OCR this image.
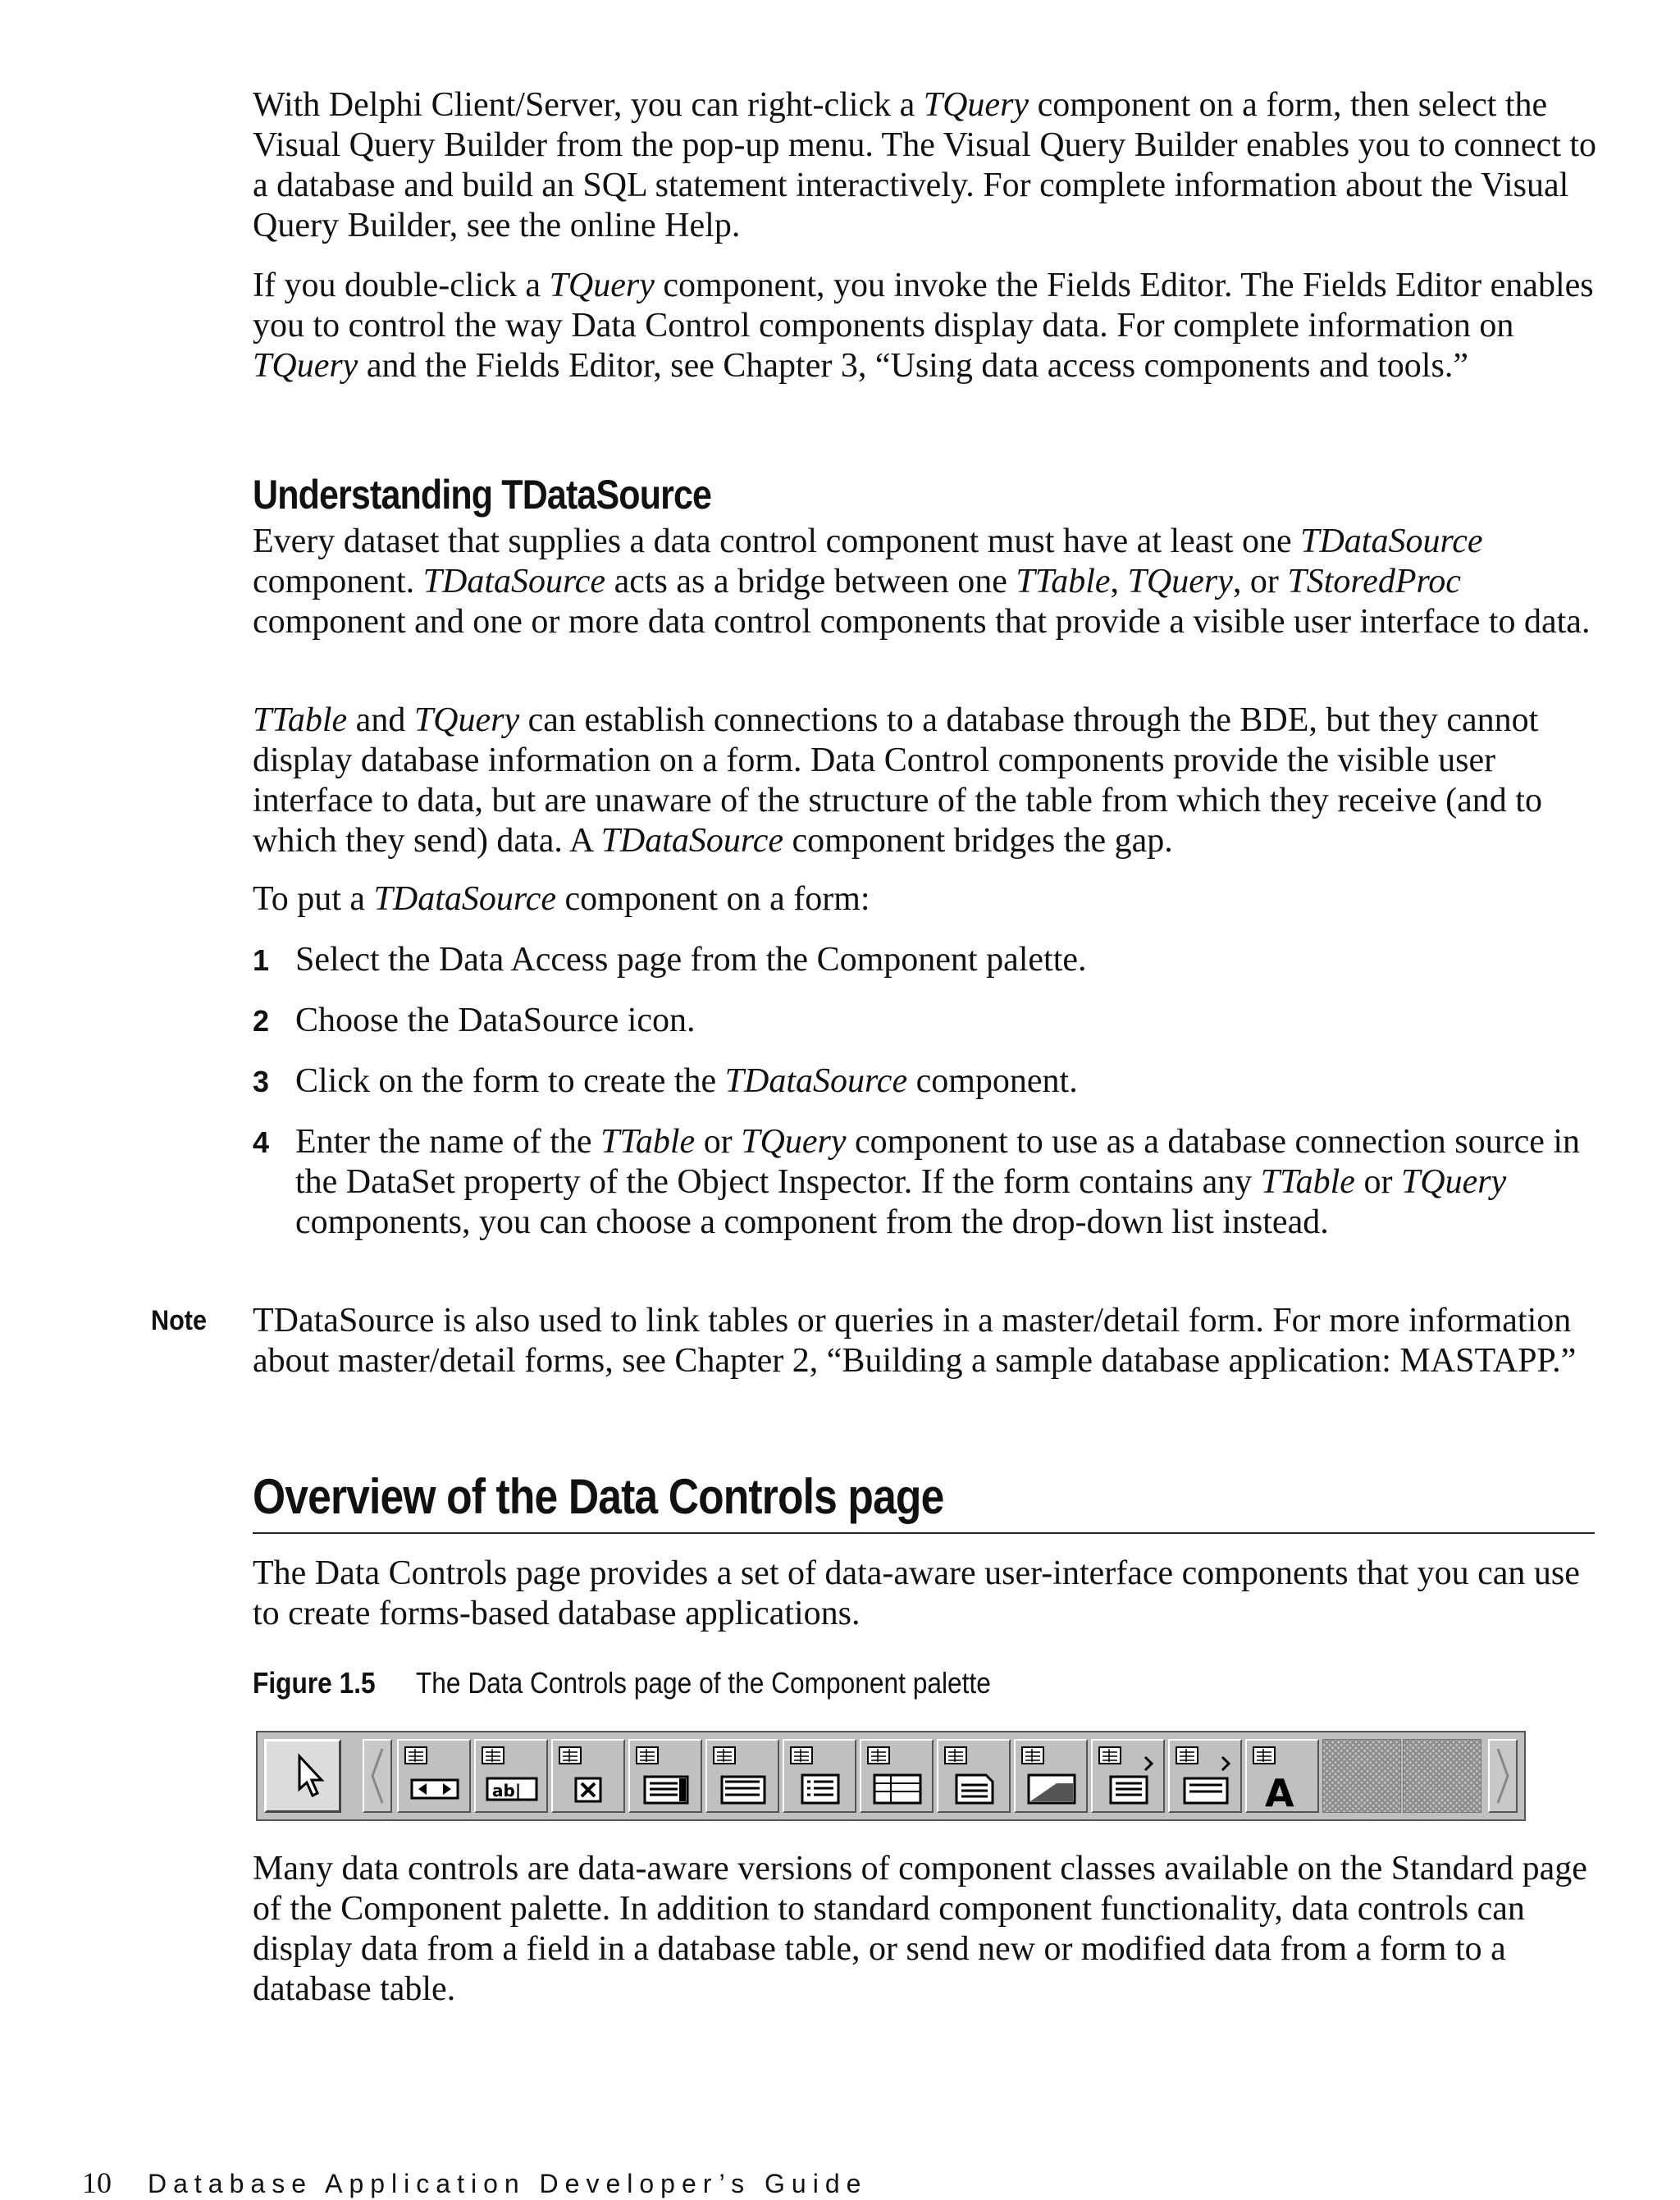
With Delphi Client/Server, you can right-click a TQuery component on a form, then select the Visual Query Builder from the pop-up menu. The Visual Query Builder enables you to connect to a database and build an SQL statement interactively. For complete information about the Visual Query Builder, see the online Help.

If you double-click a TQuery component, you invoke the Fields Editor. The Fields Editor enables you to control the way Data Control components display data. For complete information on TQuery and the Fields Editor, see Chapter 3, “Using data access components and tools.”

Understanding TDataSource

Every dataset that supplies a data control component must have at least one TDataSource component. TDataSource acts as a bridge between one TTable, TQuery, or TStoredProc component and one or more data control components that provide a visible user interface to data.

TTable and TQuery can establish connections to a database through the BDE, but they cannot display database information on a form. Data Control components provide the visible user interface to data, but are unaware of the structure of the table from which they receive (and to which they send) data. A TDataSource component bridges the gap.

To put a TDataSource component on a form:

1 Select the Data Access page from the Component palette.
2 Choose the DataSource icon.
3 Click on the form to create the TDataSource component.
4 Enter the name of the TTable or TQuery component to use as a database connection source in the DataSet property of the Object Inspector. If the form contains any TTable or TQuery components, you can choose a component from the drop-down list instead.
Note TDataSource is also used to link tables or queries in a master/detail form. For more information about master/detail forms, see Chapter 2, “Building a sample database application: MASTAPP.”

Overview of the Data Controls page

The Data Controls page provides a set of data-aware user-interface components that you can use to create forms-based database applications.

Figure 1.5 The Data Controls page of the Component palette
ab|	A

Many data controls are data-aware versions of component classes available on the Standard page of the Component palette. In addition to standard component functionality, data controls can display data from a field in a database table, or send new or modified data from a form to a database table.

10 Database Application Developer’s Guide
